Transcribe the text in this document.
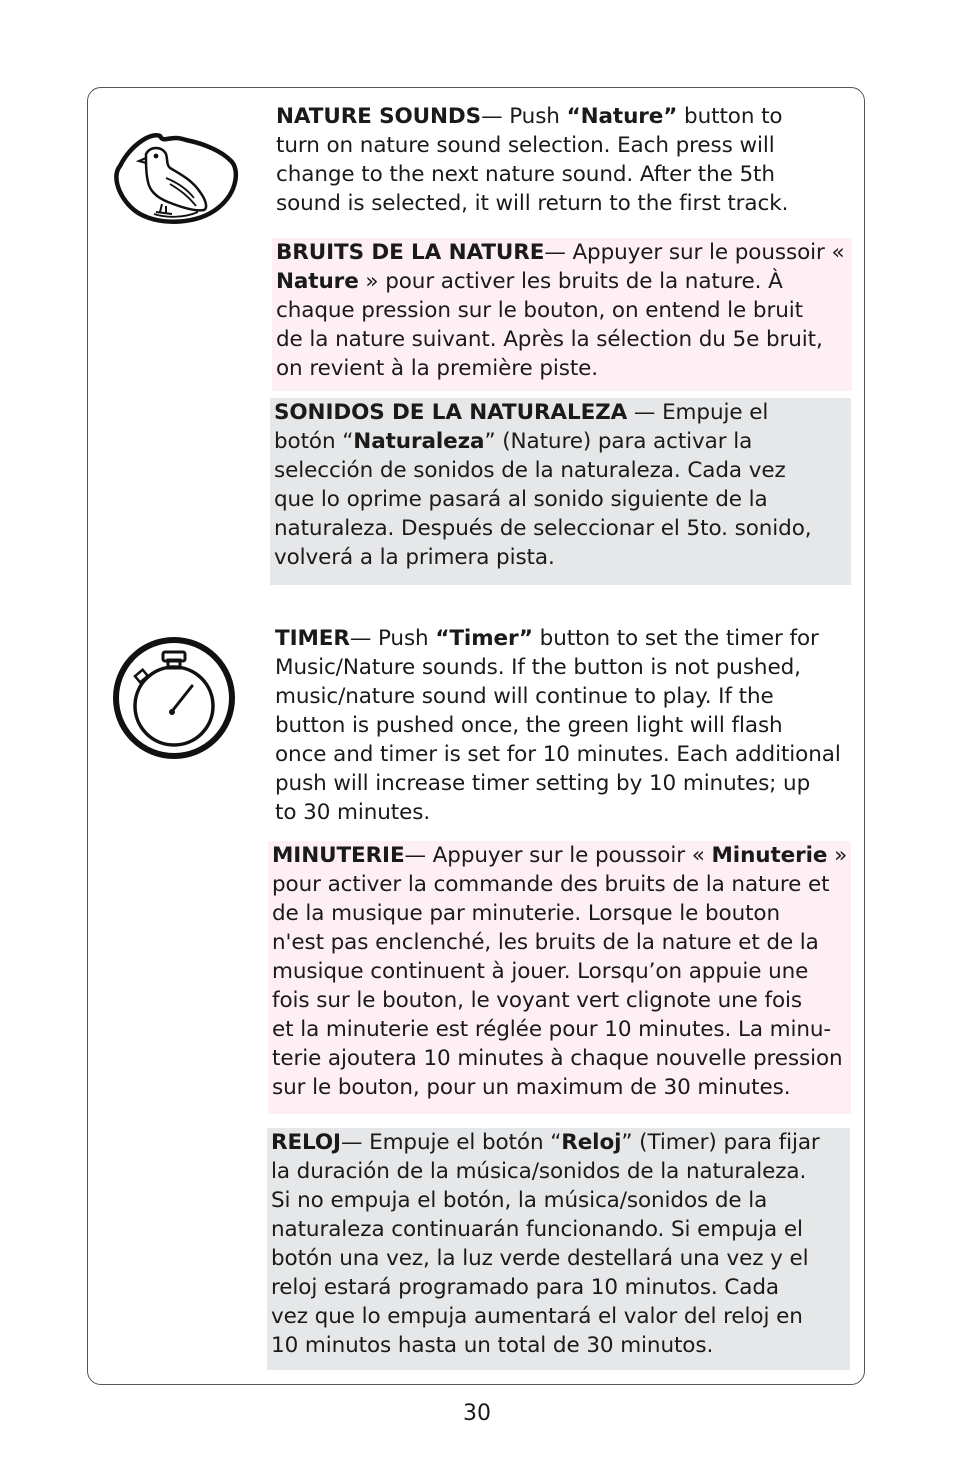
NATURE SOUNDS— Push “Nature” button to
turn on nature sound selection. Each press will
change to the next nature sound. After the 5th
sound is selected, it will return to the first track.
BRUITS DE LA NATURE— Appuyer sur le poussoir «
Nature » pour activer les bruits de la nature. À
chaque pression sur le bouton, on entend le bruit
de la nature suivant. Après la sélection du 5e bruit,
on revient à la première piste.
SONIDOS DE LA NATURALEZA — Empuje el
botón “Naturaleza” (Nature) para activar la
selección de sonidos de la naturaleza. Cada vez
que lo oprime pasará al sonido siguiente de la
naturaleza. Después de seleccionar el 5to. sonido,
volverá a la primera pista.
TIMER— Push “Timer” button to set the timer for
Music/Nature sounds. If the button is not pushed,
music/nature sound will continue to play. If the
button is pushed once, the green light will flash
once and timer is set for 10 minutes. Each additional
push will increase timer setting by 10 minutes; up
to 30 minutes.
MINUTERIE— Appuyer sur le poussoir « Minuterie »
pour activer la commande des bruits de la nature et
de la musique par minuterie. Lorsque le bouton
n'est pas enclenché, les bruits de la nature et de la
musique continuent à jouer. Lorsqu’on appuie une
fois sur le bouton, le voyant vert clignote une fois
et la minuterie est réglée pour 10 minutes. La minu-
terie ajoutera 10 minutes à chaque nouvelle pression
sur le bouton, pour un maximum de 30 minutes.
RELOJ— Empuje el botón “Reloj” (Timer) para fijar
la duración de la música/sonidos de la naturaleza.
Si no empuja el botón, la música/sonidos de la
naturaleza continuarán funcionando. Si empuja el
botón una vez, la luz verde destellará una vez y el
reloj estará programado para 10 minutos. Cada
vez que lo empuja aumentará el valor del reloj en
10 minutos hasta un total de 30 minutos.
30
